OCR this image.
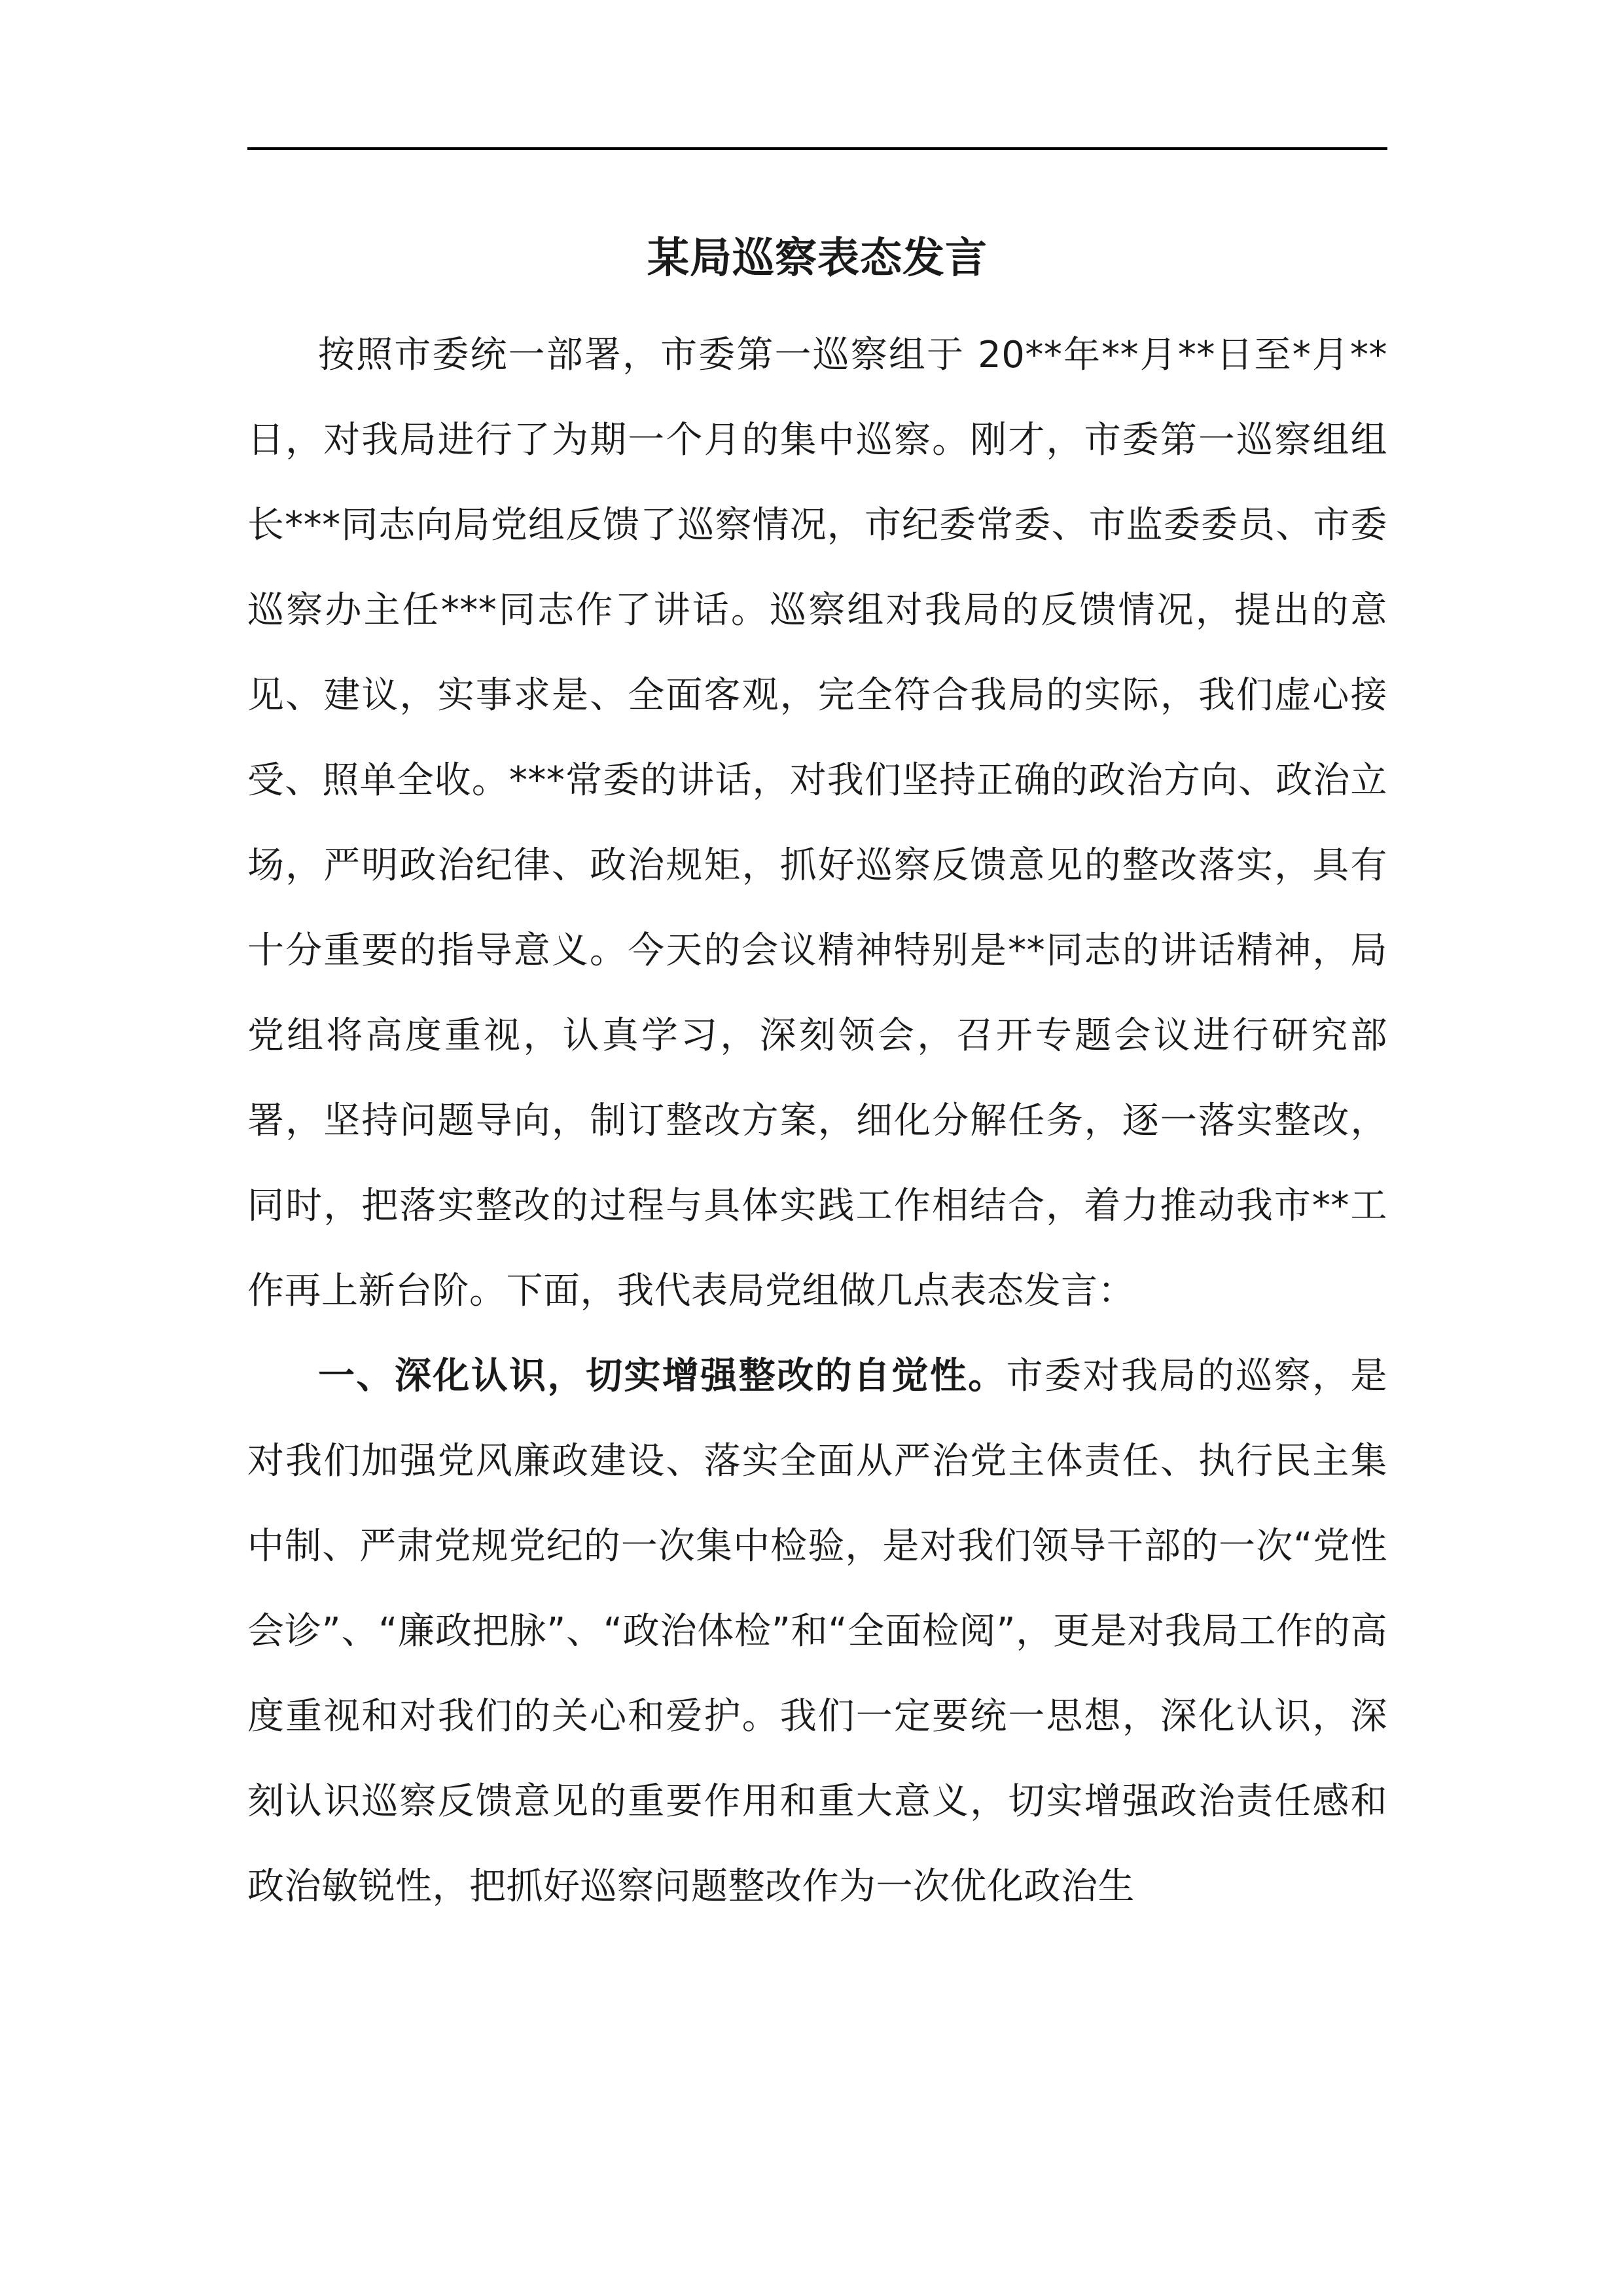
某局巡察表态发言

按照市委统一部署，市委第一巡察组于 20**年**月**日至*月**日，对我局进行了为期一个月的集中巡察。刚才，市委第一巡察组组长***同志向局党组反馈了巡察情况，市纪委常委、市监委委员、市委巡察办主任***同志作了讲话。巡察组对我局的反馈情况，提出的意见、建议，实事求是、全面客观，完全符合我局的实际，我们虚心接受、照单全收。***常委的讲话，对我们坚持正确的政治方向、政治立场，严明政治纪律、政治规矩，抓好巡察反馈意见的整改落实，具有十分重要的指导意义。今天的会议精神特别是**同志的讲话精神，局党组将高度重视，认真学习，深刻领会，召开专题会议进行研究部署，坚持问题导向，制订整改方案，细化分解任务，逐一落实整改，同时，把落实整改的过程与具体实践工作相结合，着力推动我市**工作再上新台阶。下面，我代表局党组做几点表态发言：

一、深化认识，切实增强整改的自觉性。市委对我局的巡察，是对我们加强党风廉政建设、落实全面从严治党主体责任、执行民主集中制、严肃党规党纪的一次集中检验，是对我们领导干部的一次“党性会诊”、“廉政把脉”、“政治体检”和“全面检阅”，更是对我局工作的高度重视和对我们的关心和爱护。我们一定要统一思想，深化认识，深刻认识巡察反馈意见的重要作用和重大意义，切实增强政治责任感和政治敏锐性，把抓好巡察问题整改作为一次优化政治生
